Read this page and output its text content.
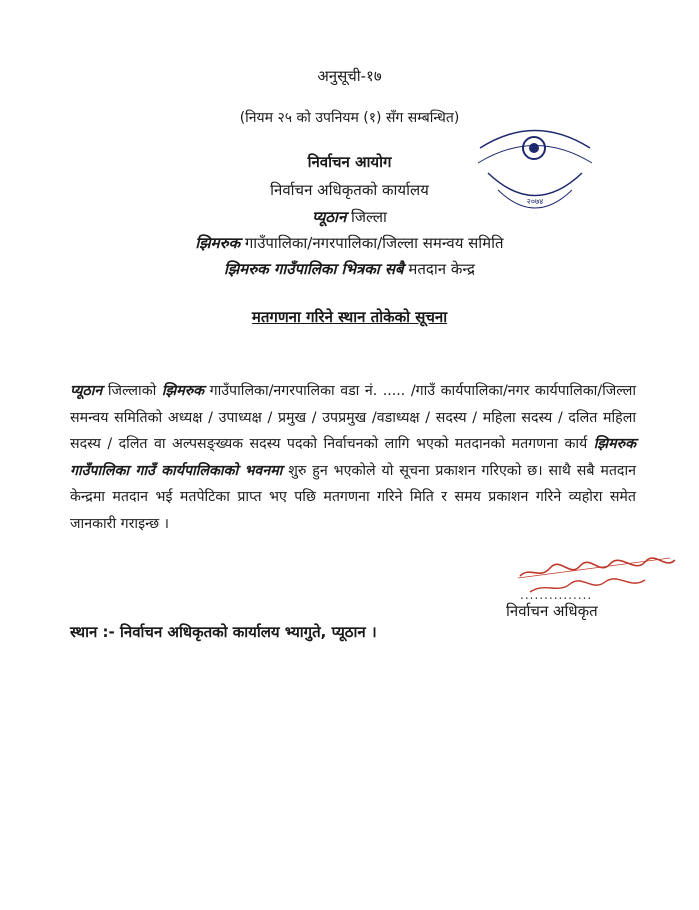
अनुसूची-१७
(नियम २५ को उपनियम (१) सँग सम्बन्धित)
निर्वाचन आयोग
निर्वाचन अधिकृतको कार्यालय
प्यूठान जिल्ला
झिमरुक गाउँपालिका/नगरपालिका/जिल्ला समन्वय समिति
झिमरुक गाउँपालिका भित्रका सबै मतदान केन्द्र
२०७४
मतगणना गरिने स्थान तोकेको सूचना
प्यूठान जिल्लाको झिमरुक गाउँपालिका/नगरपालिका वडा नं. ..... /गाउँ कार्यपालिका/नगर कार्यपालिका/जिल्ला समन्वय समितिको अध्यक्ष / उपाध्यक्ष / प्रमुख / उपप्रमुख /वडाध्यक्ष / सदस्य / महिला सदस्य / दलित महिला सदस्य / दलित वा अल्पसङ्ख्यक सदस्य पदको निर्वाचनको लागि भएको मतदानको मतगणना कार्य झिमरुक गाउँपालिका गाउँ कार्यपालिकाको भवनमा शुरु हुन भएकोले यो सूचना प्रकाशन गरिएको छ। साथै सबै मतदान केन्द्रमा मतदान भई मतपेटिका प्राप्त भए पछि मतगणना गरिने मिति र समय प्रकाशन गरिने व्यहोरा समेत जानकारी गराइन्छ ।
...............
निर्वाचन अधिकृत
स्थान :- निर्वाचन अधिकृतको कार्यालय भ्यागुते, प्यूठान ।
